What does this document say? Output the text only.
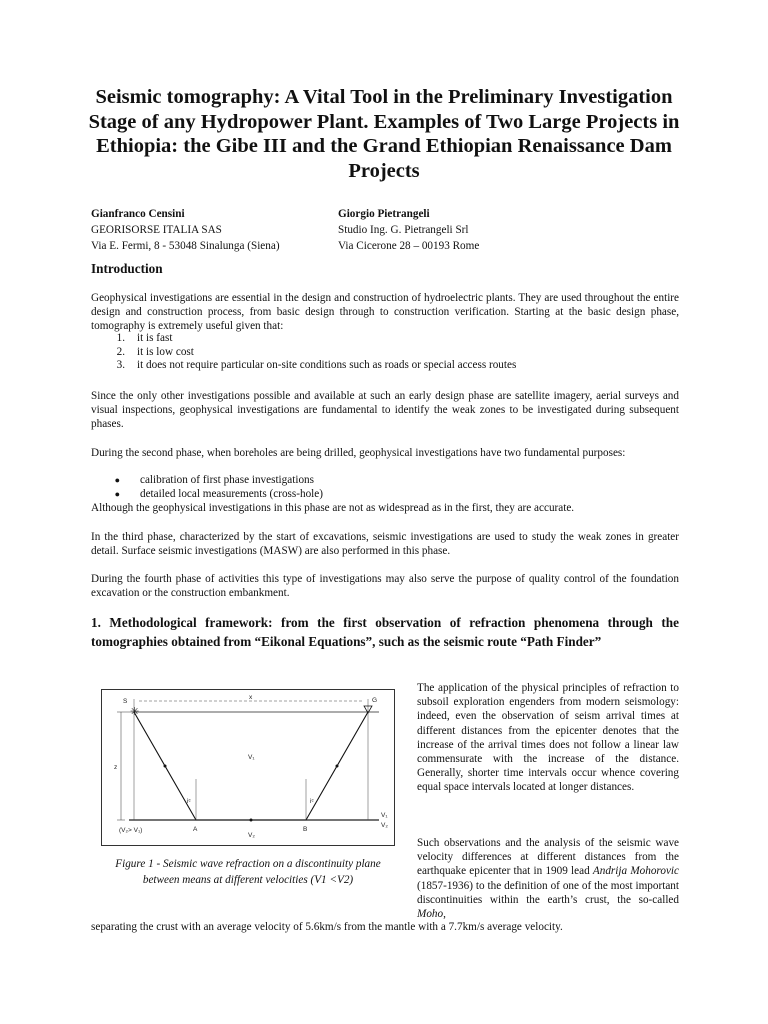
Seismic tomography: A Vital Tool in the Preliminary Investigation Stage of any Hydropower Plant. Examples of Two Large Projects in Ethiopia: the Gibe III and the Grand Ethiopian Renaissance Dam Projects
Gianfranco Censini
GEORISORSE ITALIA SAS
Via E. Fermi, 8 - 53048 Sinalunga (Siena)
Giorgio Pietrangeli
Studio Ing. G. Pietrangeli Srl
Via Cicerone 28 – 00193 Rome
Introduction

Geophysical investigations are essential in the design and construction of hydroelectric plants. They are used throughout the entire design and construction process, from basic design through to construction verification. Starting at the basic design phase, tomography is extremely useful given that:

1.	it is fast
2.	it is low cost
3.	it does not require particular on-site conditions such as roads or special access routes

Since the only other investigations possible and available at such an early design phase are satellite imagery, aerial surveys and visual inspections, geophysical investigations are fundamental to identify the weak zones to be investigated during subsequent phases.

During the second phase, when boreholes are being drilled, geophysical investigations have two fundamental purposes:

●	calibration of first phase investigations
●	detailed local measurements (cross-hole)

Although the geophysical investigations in this phase are not as widespread as in the first, they are accurate.

In the third phase, characterized by the start of excavations, seismic investigations are used to study the weak zones in greater detail. Surface seismic investigations (MASW) are also performed in this phase.

During the fourth phase of activities this type of investigations may also serve the purpose of quality control of the foundation excavation or the construction embankment.

1. Methodological framework: from the first observation of refraction phenomena through the tomographies obtained from “Eikonal Equations”, such as the seismic route “Path Finder”
✳
S
x	G
z
V₁
V₂
A	B
iᶜ	iᶜ
V₁
V₂
(V₂> V₁)
Figure 1 - Seismic wave refraction on a discontinuity plane between means at different velocities (V1 <V2)

The application of the physical principles of refraction to subsoil exploration engenders from modern seismology: indeed, even the observation of seism arrival times at different distances from the epicenter denotes that the increase of the arrival times does not follow a linear law commensurate with the increase of the distance. Generally, shorter time intervals occur whence covering equal space intervals located at longer distances.

Such observations and the analysis of the seismic wave velocity differences at different distances from the earthquake epicenter that in 1909 lead Andrija Mohorovic (1857-1936) to the definition of one of the most important discontinuities within the earth’s crust, the so-called Moho,

separating the crust with an average velocity of 5.6km/s from the mantle with a 7.7km/s average velocity.
